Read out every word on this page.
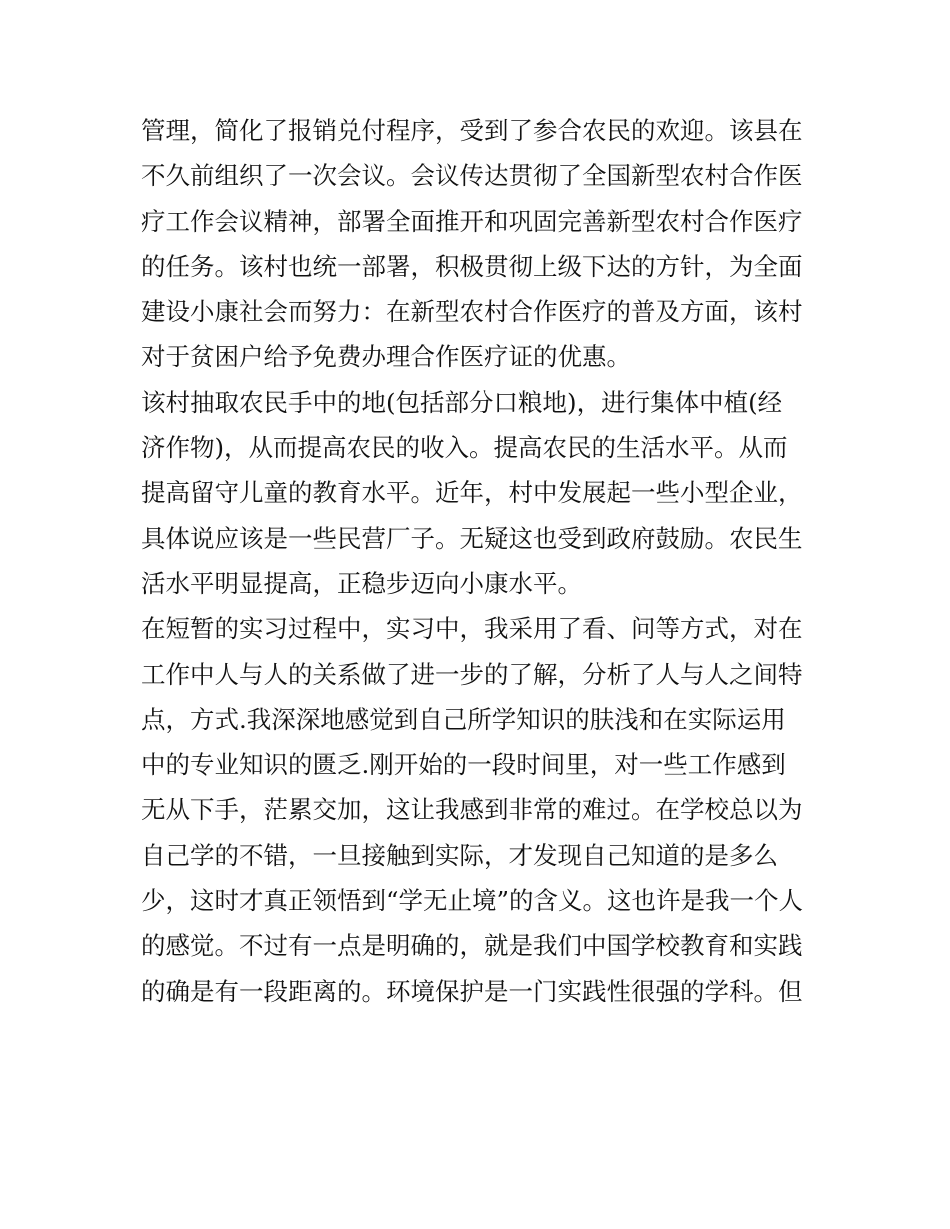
管理，简化了报销兑付程序，受到了参合农民的欢迎。该县在
不久前组织了一次会议。会议传达贯彻了全国新型农村合作医
疗工作会议精神，部署全面推开和巩固完善新型农村合作医疗
的任务。该村也统一部署，积极贯彻上级下达的方针，为全面
建设小康社会而努力：在新型农村合作医疗的普及方面，该村
对于贫困户给予免费办理合作医疗证的优惠。
该村抽取农民手中的地(包括部分口粮地)，进行集体中植(经
济作物)，从而提高农民的收入。提高农民的生活水平。从而
提高留守儿童的教育水平。近年，村中发展起一些小型企业，
具体说应该是一些民营厂子。无疑这也受到政府鼓励。农民生
活水平明显提高，正稳步迈向小康水平。
在短暂的实习过程中，实习中，我采用了看、问等方式，对在
工作中人与人的关系做了进一步的了解，分析了人与人之间特
点，方式.我深深地感觉到自己所学知识的肤浅和在实际运用
中的专业知识的匮乏.刚开始的一段时间里，对一些工作感到
无从下手，茫累交加，这让我感到非常的难过。在学校总以为
自己学的不错，一旦接触到实际，才发现自己知道的是多么
少，这时才真正领悟到“学无止境”的含义。这也许是我一个人
的感觉。不过有一点是明确的，就是我们中国学校教育和实践
的确是有一段距离的。环境保护是一门实践性很强的学科。但
